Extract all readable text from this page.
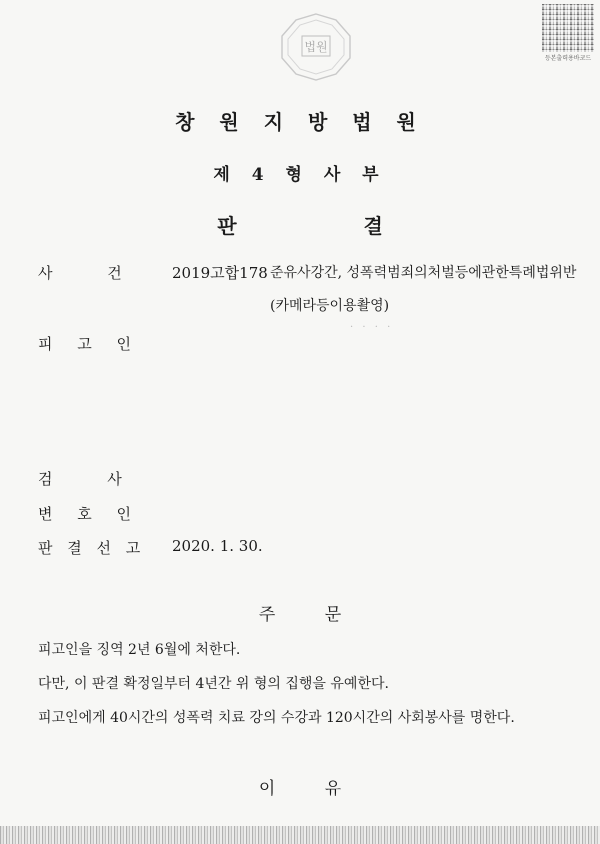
법원
등본출력용바코드
창 원 지 방 법 원
제 4 형 사 부
판 결
사 건	2019고합178 준유사강간, 성폭력범죄의처벌등에관한특례법위반
(카메라등이용촬영)
피 고 인
· · · ·
검 사
변 호 인
판 결 선 고 2020. 1. 30.
주 문
피고인을 징역 2년 6월에 처한다.
다만, 이 판결 확정일부터 4년간 위 형의 집행을 유예한다.
피고인에게 40시간의 성폭력 치료 강의 수강과 120시간의 사회봉사를 명한다.
이 유
